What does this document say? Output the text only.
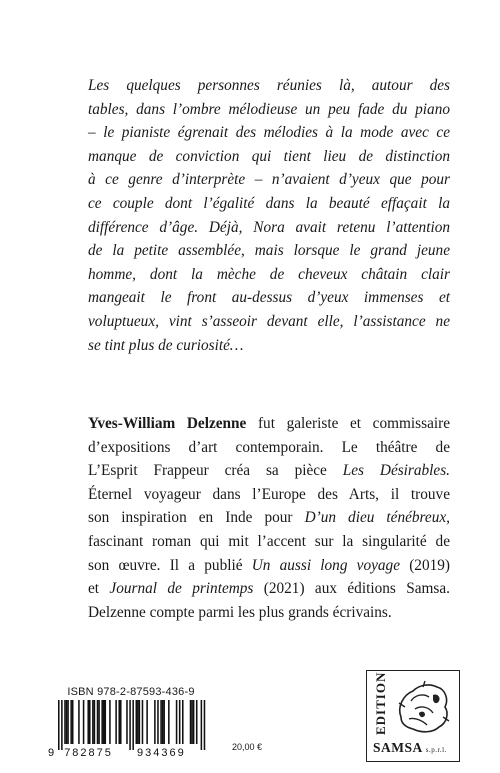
Les quelques personnes réunies là, autour des
tables, dans l’ombre mélodieuse un peu fade du piano
– le pianiste égrenait des mélodies à la mode avec ce
manque de conviction qui tient lieu de distinction
à ce genre d’interprète – n’avaient d’yeux que pour
ce couple dont l’égalité dans la beauté effaçait la
différence d’âge. Déjà, Nora avait retenu l’attention
de la petite assemblée, mais lorsque le grand jeune
homme, dont la mèche de cheveux châtain clair
mangeait le front au-dessus d’yeux immenses et
voluptueux, vint s’asseoir devant elle, l’assistance ne
se tint plus de curiosité…
Yves-William Delzenne fut galeriste et commissaire
d’expositions d’art contemporain. Le théâtre de
L’Esprit Frappeur créa sa pièce Les Désirables.
Éternel voyageur dans l’Europe des Arts, il trouve
son inspiration en Inde pour D’un dieu ténébreux,
fascinant roman qui mit l’accent sur la singularité de
son œuvre. Il a publié Un aussi long voyage (2019)
et Journal de printemps (2021) aux éditions Samsa.
Delzenne compte parmi les plus grands écrivains.
ISBN 978-2-87593-436-9
9 782875 934369	20,00 €
EDITION
SAMSA s.p.r.l.
